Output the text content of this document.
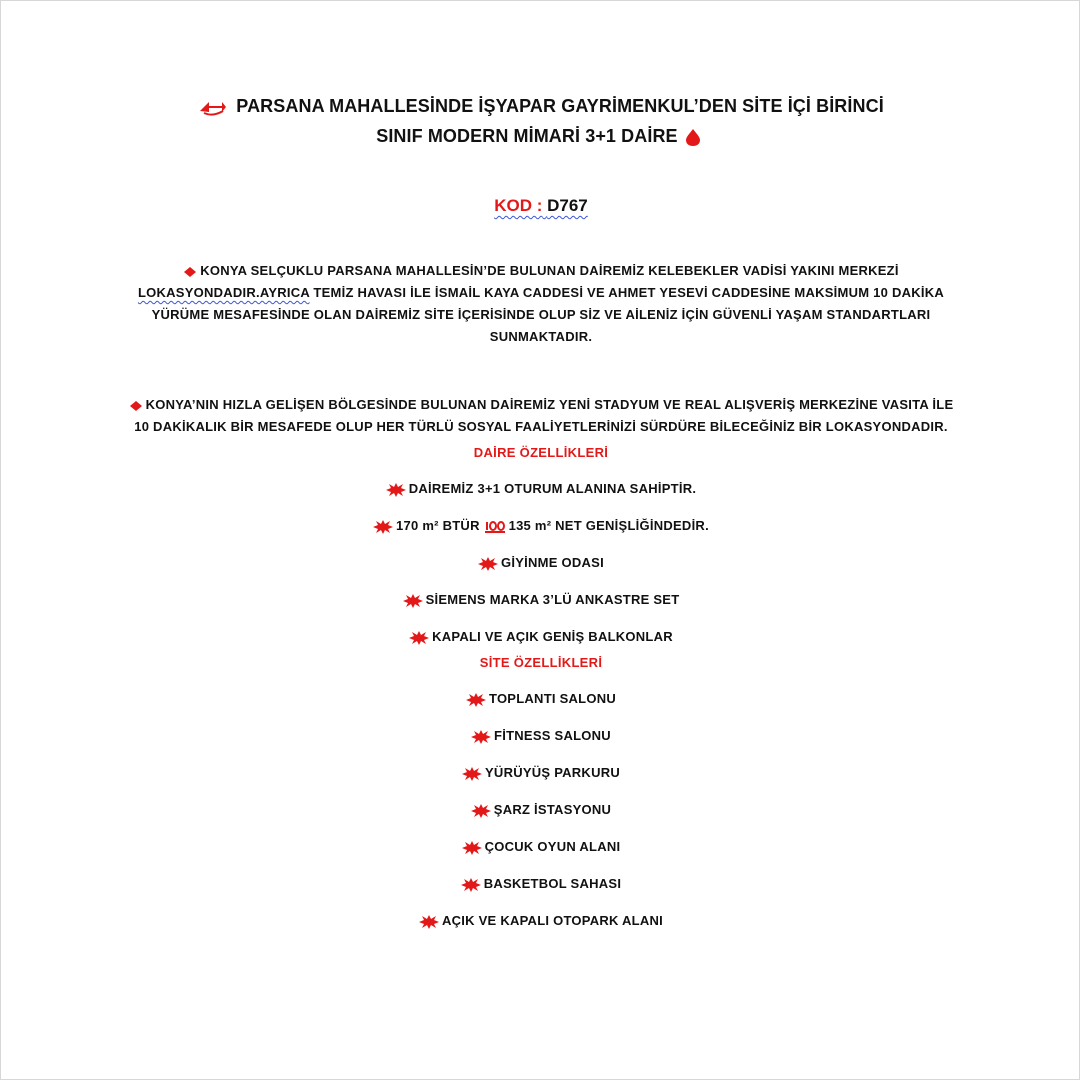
PARSANA MAHALLESİNDE İŞYAPAR GAYRİMENKUL’DEN SİTE İÇİ BİRİNCİ
SINIF MODERN MİMARİ 3+1 DAİRE
KOD : D767

KONYA SELÇUKLU PARSANA MAHALLESİN’DE BULUNAN DAİREMİZ KELEBEKLER VADİSİ YAKINI MERKEZİ LOKASYONDADIR.AYRICA TEMİZ HAVASI İLE İSMAİL KAYA CADDESİ VE AHMET YESEVİ CADDESİNE MAKSİMUM 10 DAKİKA YÜRÜME MESAFESİNDE OLAN DAİREMİZ SİTE İÇERİSİNDE OLUP SİZ VE AİLENİZ İÇİN GÜVENLİ YAŞAM STANDARTLARI SUNMAKTADIR.

KONYA’NIN HIZLA GELİŞEN BÖLGESİNDE BULUNAN DAİREMİZ YENİ STADYUM VE REAL ALIŞVERİŞ MERKEZİNE VASITA İLE 10 DAKİKALIK BİR MESAFEDE OLUP HER TÜRLÜ SOSYAL FAALİYETLERİNİZİ SÜRDÜRE BİLECEĞİNİZ BİR LOKASYONDADIR.

DAİRE ÖZELLİKLERİ
DAİREMİZ 3+1 OTURUM ALANINA SAHİPTİR.
170 m² BTÜR 135 m² NET GENİŞLİĞİNDEDİR.
GİYİNME ODASI
SİEMENS MARKA 3’LÜ ANKASTRE SET
KAPALI VE AÇIK GENİŞ BALKONLAR
SİTE ÖZELLİKLERİ
TOPLANTI SALONU
FİTNESS SALONU
YÜRÜYÜŞ PARKURU
ŞARZ İSTASYONU
ÇOCUK OYUN ALANI
BASKETBOL SAHASI
AÇIK VE KAPALI OTOPARK ALANI
